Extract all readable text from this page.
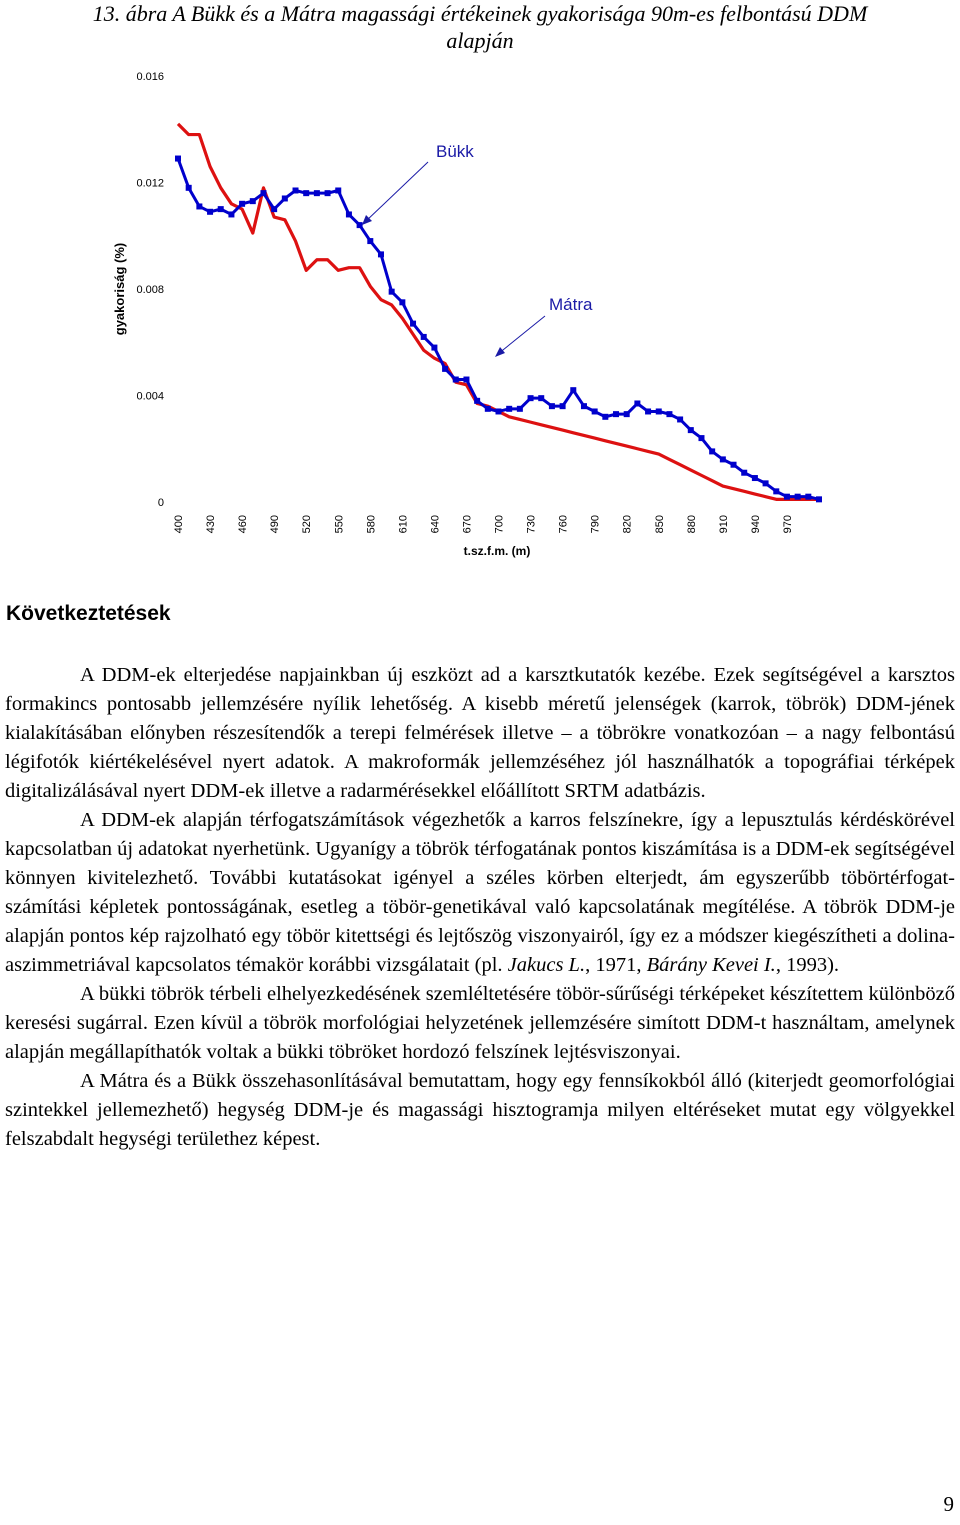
13. ábra A Bükk és a Mátra magassági értékeinek gyakorisága 90m-es felbontású DDM
alapján
0
0.004
0.008
0.012
0.016
gyakoriság (%)
400 430 460 490 520 550 580 610 640 670 700 730 760 790 820 850 880 910 940 970
t.sz.f.m. (m)
Bükk
Mátra
Következtetések

A DDM-ek elterjedése napjainkban új eszközt ad a karsztkutatók kezébe. Ezek segítségével a karsztos formakincs pontosabb jellemzésére nyílik lehetőség. A kisebb méretű jelenségek (karrok, töbrök) DDM-jének kialakításában előnyben részesítendők a terepi felmérések illetve – a töbrökre vonatkozóan – a nagy felbontású légifotók kiértékelésével nyert adatok. A makroformák jellemzéséhez jól használhatók a topográfiai térképek digitalizálásával nyert DDM-ek illetve a radarmérésekkel előállított SRTM adatbázis.

A DDM-ek alapján térfogatszámítások végezhetők a karros felszínekre, így a lepusztulás kérdéskörével kapcsolatban új adatokat nyerhetünk. Ugyanígy a töbrök térfogatának pontos kiszámítása is a DDM-ek segítségével könnyen kivitelezhető. További kutatásokat igényel a széles körben elterjedt, ám egyszerűbb töbörtérfogat-számítási képletek pontosságának, esetleg a töbör-genetikával való kapcsolatának megítélése. A töbrök DDM-je alapján pontos kép rajzolható egy töbör kitettségi és lejtőszög viszonyairól, így ez a módszer kiegészítheti a dolina-aszimmetriával kapcsolatos témakör korábbi vizsgálatait (pl. Jakucs L., 1971, Bárány Kevei I., 1993).

A bükki töbrök térbeli elhelyezkedésének szemléltetésére töbör-sűrűségi térképeket készítettem különböző keresési sugárral. Ezen kívül a töbrök morfológiai helyzetének jellemzésére simított DDM-t használtam, amelynek alapján megállapíthatók voltak a bükki töbröket hordozó felszínek lejtésviszonyai.

A Mátra és a Bükk összehasonlításával bemutattam, hogy egy fennsíkokból álló (kiterjedt geomorfológiai szintekkel jellemezhető) hegység DDM-je és magassági hisztogramja milyen eltéréseket mutat egy völgyekkel felszabdalt hegységi területhez képest.

9
